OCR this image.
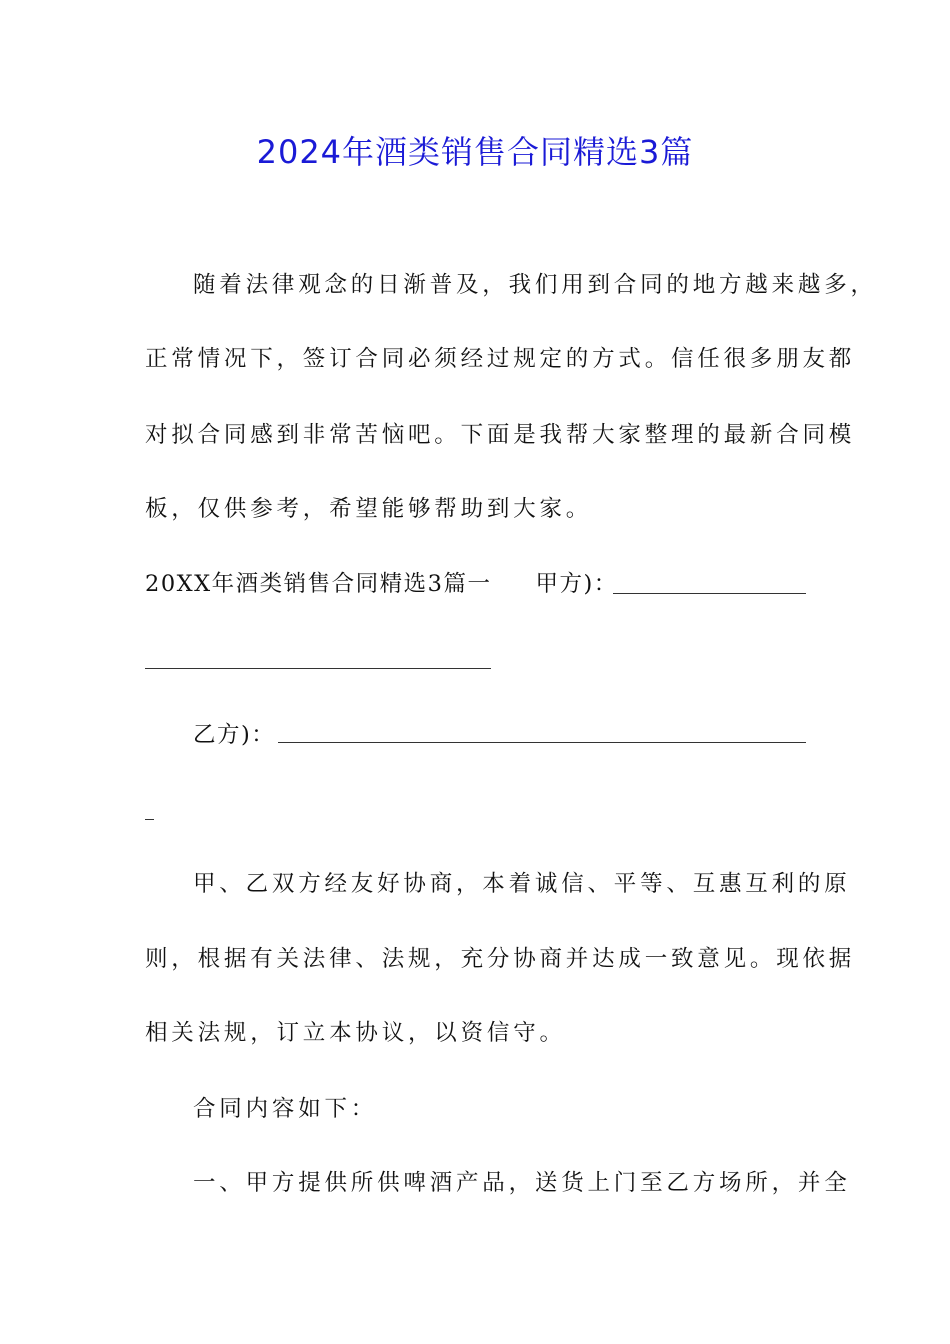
2024年酒类销售合同精选3篇
随着法律观念的日渐普及，我们用到合同的地方越来越多，
正常情况下，签订合同必须经过规定的方式。信任很多朋友都
对拟合同感到非常苦恼吧。下面是我帮大家整理的最新合同模
板，仅供参考，希望能够帮助到大家。
20XX年酒类销售合同精选3篇一 甲方)：
乙方)：
甲、乙双方经友好协商，本着诚信、平等、互惠互利的原
则，根据有关法律、法规，充分协商并达成一致意见。现依据
相关法规，订立本协议，以资信守。
合同内容如下：
一、甲方提供所供啤酒产品，送货上门至乙方场所，并全
